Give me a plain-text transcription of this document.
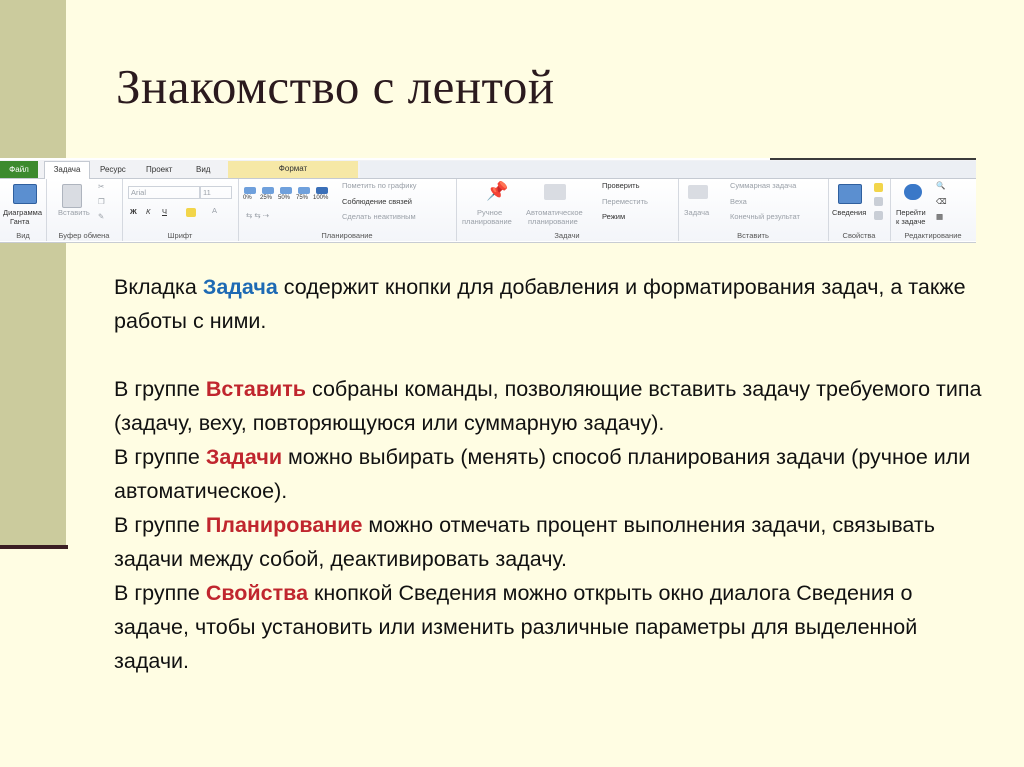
Знакомство с лентой
Файл	Задача	Ресурс	Проект	Вид	Формат
Диаграмма
Ганта
Вид
Вставить
✂
❐
✎
Буфер обмена
Arial	11
Ж К Ч	A
Шрифт
0% 25% 50% 75% 100%
⇆ ⇆ ⇢
Пометить по графику
Соблюдение связей
Сделать неактивным
Планирование
📌
Ручное
планирование
Автоматическое
планирование
Проверить
Переместить
Режим
Задачи
Задача
Суммарная задача
Веха
Конечный результат
Вставить
Сведения
Свойства
Перейти
к задаче
🔍
⌫
▦
Редактирование

Вкладка Задача содержит кнопки для добавления и форматирования задач, а также работы с ними.

В группе Вставить собраны команды, позволяющие вставить задачу требуемого типа (задачу, веху, повторяющуюся или суммарную задачу).

В группе Задачи можно выбирать (менять) способ планирования задачи (ручное или автоматическое).

В группе Планирование можно отмечать процент выполнения задачи, связывать задачи между собой, деактивировать задачу.

В группе Свойства кнопкой Сведения можно открыть окно диалога Сведения о задаче, чтобы установить или изменить различные параметры для выделенной задачи.
